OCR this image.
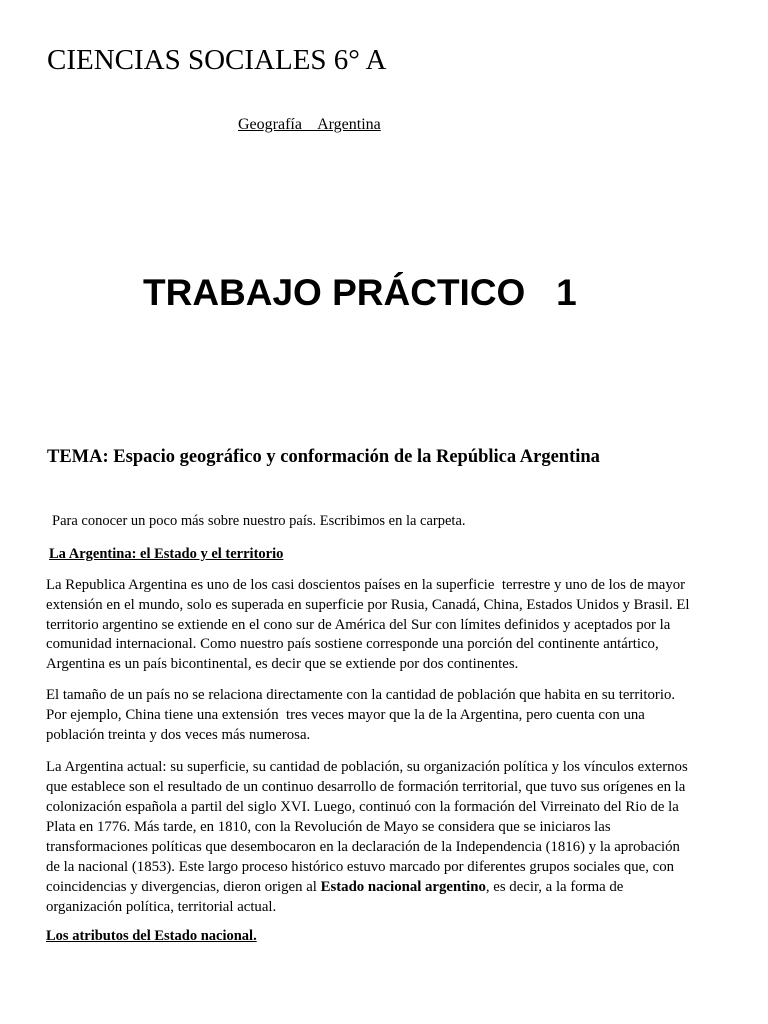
CIENCIAS SOCIALES 6° A
Geografía    Argentina
TRABAJO PRÁCTICO   1
TEMA: Espacio geográfico y conformación de la República Argentina
Para conocer un poco más sobre nuestro país. Escribimos en la carpeta.
La Argentina: el Estado y el territorio
La Republica Argentina es uno de los casi doscientos países en la superficie  terrestre y uno de los de mayor
extensión en el mundo, solo es superada en superficie por Rusia, Canadá, China, Estados Unidos y Brasil. El
territorio argentino se extiende en el cono sur de América del Sur con límites definidos y aceptados por la
comunidad internacional. Como nuestro país sostiene corresponde una porción del continente antártico,
Argentina es un país bicontinental, es decir que se extiende por dos continentes.
El tamaño de un país no se relaciona directamente con la cantidad de población que habita en su territorio.
Por ejemplo, China tiene una extensión  tres veces mayor que la de la Argentina, pero cuenta con una
población treinta y dos veces más numerosa.
La Argentina actual: su superficie, su cantidad de población, su organización política y los vínculos externos
que establece son el resultado de un continuo desarrollo de formación territorial, que tuvo sus orígenes en la
colonización española a partil del siglo XVI. Luego, continuó con la formación del Virreinato del Rio de la
Plata en 1776. Más tarde, en 1810, con la Revolución de Mayo se considera que se iniciaros las
transformaciones políticas que desembocaron en la declaración de la Independencia (1816) y la aprobación
de la nacional (1853). Este largo proceso histórico estuvo marcado por diferentes grupos sociales que, con
coincidencias y divergencias, dieron origen al Estado nacional argentino, es decir, a la forma de
organización política, territorial actual.
Los atributos del Estado nacional.
